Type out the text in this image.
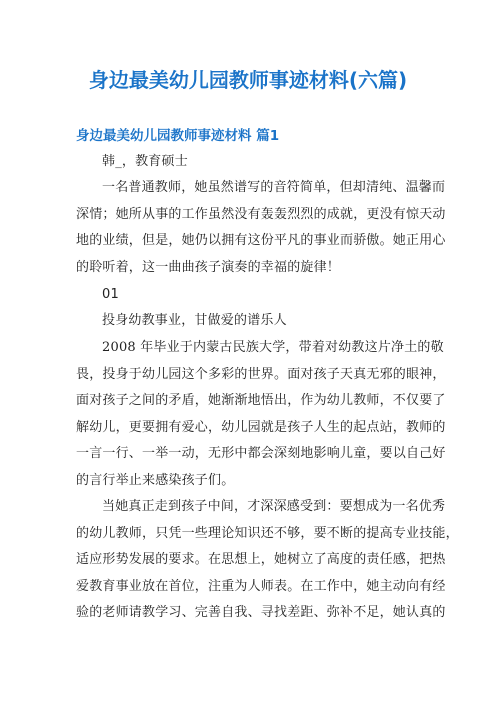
身边最美幼儿园教师事迹材料(六篇)
身边最美幼儿园教师事迹材料 篇1
韩_，教育硕士
一名普通教师，她虽然谱写的音符简单，但却清纯、温馨而
深情；她所从事的工作虽然没有轰轰烈烈的成就，更没有惊天动
地的业绩，但是，她仍以拥有这份平凡的事业而骄傲。她正用心
的聆听着，这一曲曲孩子演奏的幸福的旋律！
01
投身幼教事业，甘做爱的谱乐人
2008 年毕业于内蒙古民族大学，带着对幼教这片净土的敬
畏，投身于幼儿园这个多彩的世界。面对孩子天真无邪的眼神，
面对孩子之间的矛盾，她渐渐地悟出，作为幼儿教师，不仅要了
解幼儿，更要拥有爱心，幼儿园就是孩子人生的起点站，教师的
一言一行、一举一动，无形中都会深刻地影响儿童，要以自己好
的言行举止来感染孩子们。
当她真正走到孩子中间，才深深感受到：要想成为一名优秀
的幼儿教师，只凭一些理论知识还不够，要不断的提高专业技能，
适应形势发展的要求。在思想上，她树立了高度的责任感，把热
爱教育事业放在首位，注重为人师表。在工作中，她主动向有经
验的老师请教学习、完善自我、寻找差距、弥补不足，她认真的
